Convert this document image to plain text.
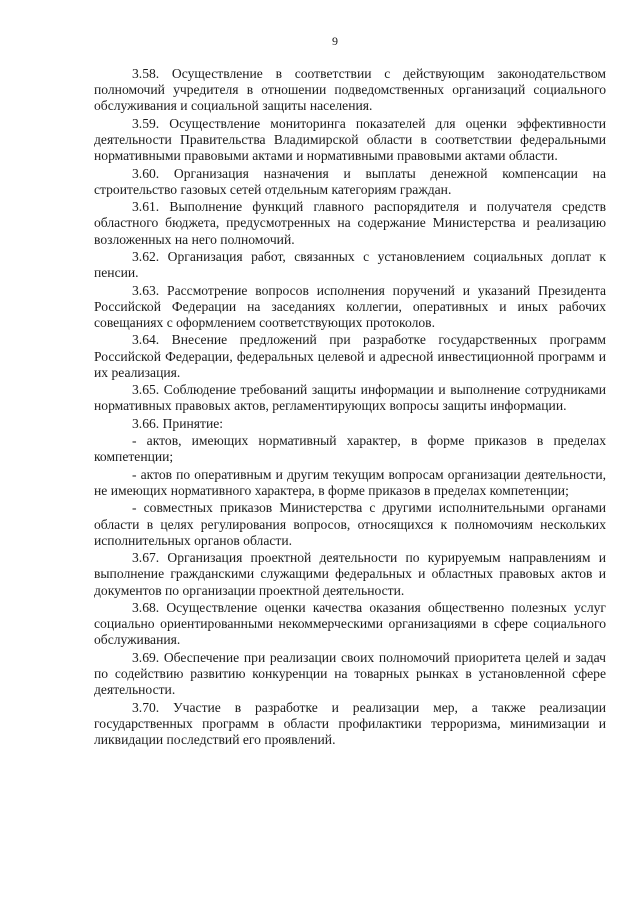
9

3.58. Осуществление в соответствии с действующим законодательством полномочий учредителя в отношении подведомственных организаций социального обслуживания и социальной защиты населения.

3.59. Осуществление мониторинга показателей для оценки эффективности деятельности Правительства Владимирской области в соответствии федеральными нормативными правовыми актами и нормативными правовыми актами области.

3.60. Организация назначения и выплаты денежной компенсации на строительство газовых сетей отдельным категориям граждан.

3.61. Выполнение функций главного распорядителя и получателя средств областного бюджета, предусмотренных на содержание Министерства и реализацию возложенных на него полномочий.

3.62. Организация работ, связанных с установлением социальных доплат к пенсии.

3.63. Рассмотрение вопросов исполнения поручений и указаний Президента Российской Федерации на заседаниях коллегии, оперативных и иных рабочих совещаниях с оформлением соответствующих протоколов.

3.64. Внесение предложений при разработке государственных программ Российской Федерации, федеральных целевой и адресной инвестиционной программ и их реализация.

3.65. Соблюдение требований защиты информации и выполнение сотрудниками нормативных правовых актов, регламентирующих вопросы защиты информации.

3.66. Принятие:

- актов, имеющих нормативный характер, в форме приказов в пределах компетенции;

- актов по оперативным и другим текущим вопросам организации деятельности, не имеющих нормативного характера, в форме приказов в пределах компетенции;

- совместных приказов Министерства с другими исполнительными органами области в целях регулирования вопросов, относящихся к полномочиям нескольких исполнительных органов области.

3.67. Организация проектной деятельности по курируемым направлениям и выполнение гражданскими служащими федеральных и областных правовых актов и документов по организации проектной деятельности.

3.68. Осуществление оценки качества оказания общественно полезных услуг социально ориентированными некоммерческими организациями в сфере социального обслуживания.

3.69. Обеспечение при реализации своих полномочий приоритета целей и задач по содействию развитию конкуренции на товарных рынках в установленной сфере деятельности.

3.70. Участие в разработке и реализации мер, а также реализации государственных программ в области профилактики терроризма, минимизации и ликвидации последствий его проявлений.
